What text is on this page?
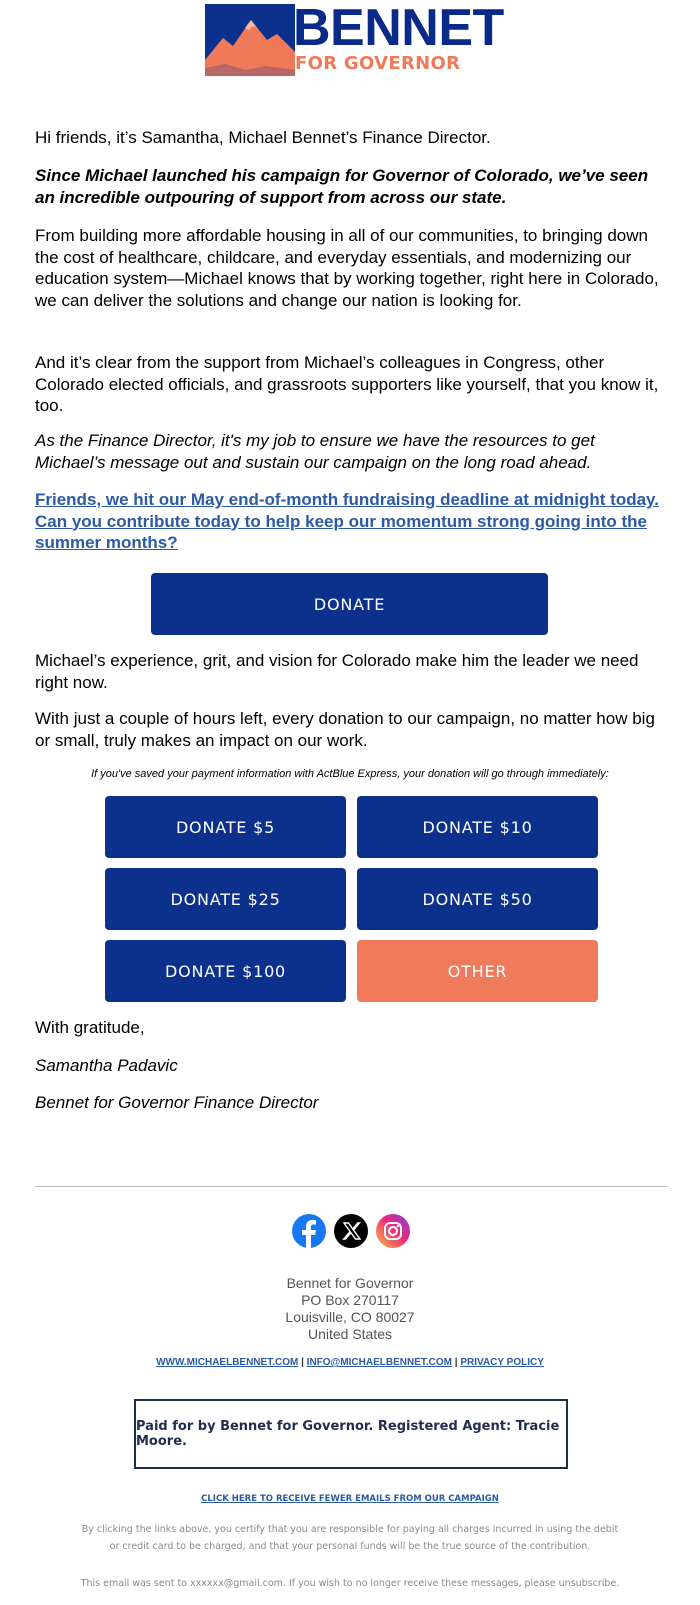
BENNET
FOR GOVERNOR

Hi friends, it’s Samantha, Michael Bennet’s Finance Director.

Since Michael launched his campaign for Governor of Colorado, we’ve seen an incredible outpouring of support from across our state.

From building more affordable housing in all of our communities, to bringing down the cost of healthcare, childcare, and everyday essentials, and modernizing our education system—Michael knows that by working together, right here in Colorado, we can deliver the solutions and change our nation is looking for.

And it’s clear from the support from Michael’s colleagues in Congress, other Colorado elected officials, and grassroots supporters like yourself, that you know it, too.

As the Finance Director, it's my job to ensure we have the resources to get Michael’s message out and sustain our campaign on the long road ahead.

Friends, we hit our May end-of-month fundraising deadline at midnight today. Can you contribute today to help keep our momentum strong going into the summer months?

DONATE

Michael’s experience, grit, and vision for Colorado make him the leader we need right now.

With just a couple of hours left, every donation to our campaign, no matter how big or small, truly makes an impact on our work.

If you've saved your payment information with ActBlue Express, your donation will go through immediately:
DONATE $5	DONATE $10
DONATE $25	DONATE $50
DONATE $100	OTHER

With gratitude,

Samantha Padavic

Bennet for Governor Finance Director

Bennet for Governor
PO Box 270117
Louisville, CO 80027
United States
WWW.MICHAELBENNET.COM | INFO@MICHAELBENNET.COM | PRIVACY POLICY
Paid for by Bennet for Governor. Registered Agent: Tracie Moore.
CLICK HERE TO RECEIVE FEWER EMAILS FROM OUR CAMPAIGN
By clicking the links above, you certify that you are responsible for paying all charges incurred in using the debit or credit card to be charged, and that your personal funds will be the true source of the contribution.
This email was sent to xxxxxx@gmail.com. If you wish to no longer receive these messages, please unsubscribe.
